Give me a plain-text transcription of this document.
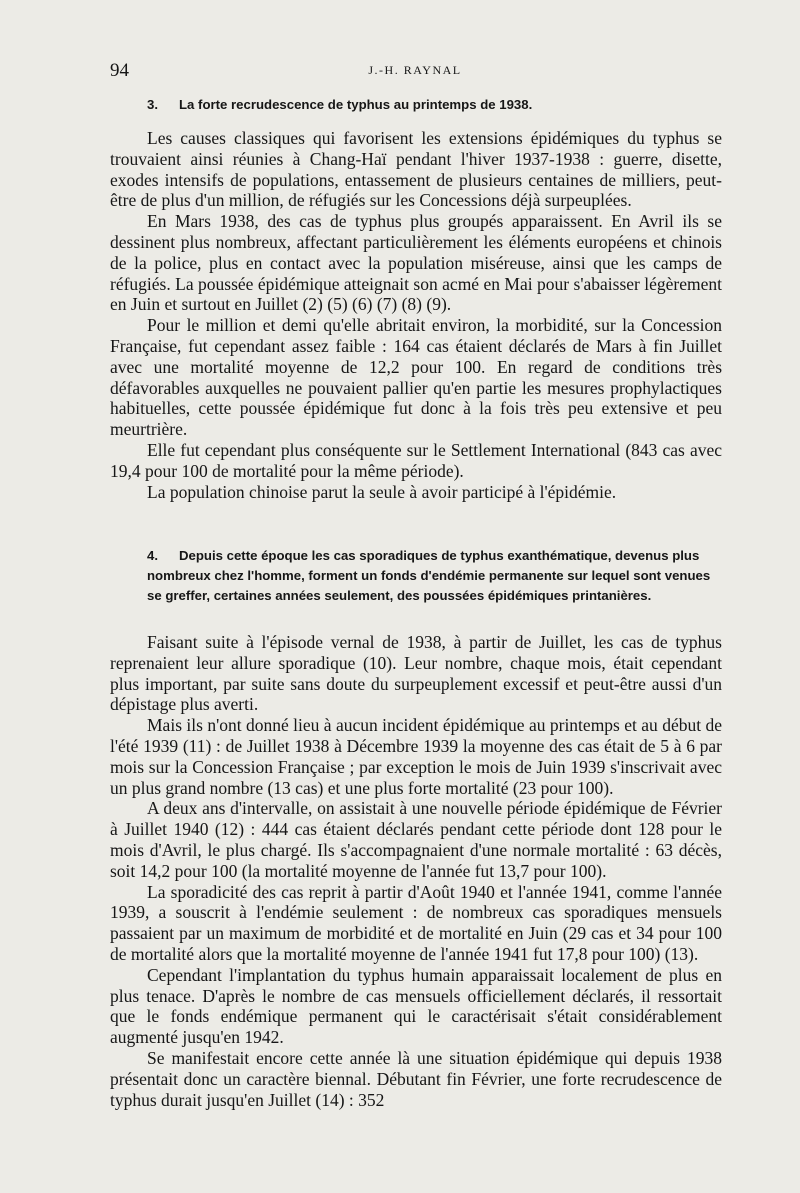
94	J.-H. RAYNAL
3. La forte recrudescence de typhus au printemps de 1938.

Les causes classiques qui favorisent les extensions épidémiques du typhus se trouvaient ainsi réunies à Chang-Haï pendant l'hiver 1937-1938 : guerre, disette, exodes intensifs de populations, entassement de plusieurs centaines de milliers, peut-être de plus d'un million, de réfugiés sur les Concessions déjà surpeuplées.

En Mars 1938, des cas de typhus plus groupés apparaissent. En Avril ils se dessinent plus nombreux, affectant particulièrement les éléments européens et chinois de la police, plus en contact avec la population miséreuse, ainsi que les camps de réfugiés. La poussée épidémique atteignait son acmé en Mai pour s'abaisser légèrement en Juin et surtout en Juillet (2) (5) (6) (7) (8) (9).

Pour le million et demi qu'elle abritait environ, la morbidité, sur la Concession Française, fut cependant assez faible : 164 cas étaient déclarés de Mars à fin Juillet avec une mortalité moyenne de 12,2 pour 100. En regard de conditions très défavorables auxquelles ne pouvaient pallier qu'en partie les mesures prophylactiques habituelles, cette poussée épidémique fut donc à la fois très peu extensive et peu meurtrière.

Elle fut cependant plus conséquente sur le Settlement International (843 cas avec 19,4 pour 100 de mortalité pour la même période).

La population chinoise parut la seule à avoir participé à l'épidémie.

4. Depuis cette époque les cas sporadiques de typhus exanthématique, devenus plus nombreux chez l'homme, forment un fonds d'endémie permanente sur lequel sont venues se greffer, certaines années seulement, des poussées épidémiques printanières.

Faisant suite à l'épisode vernal de 1938, à partir de Juillet, les cas de typhus reprenaient leur allure sporadique (10). Leur nombre, chaque mois, était cependant plus important, par suite sans doute du surpeuplement excessif et peut-être aussi d'un dépistage plus averti.

Mais ils n'ont donné lieu à aucun incident épidémique au printemps et au début de l'été 1939 (11) : de Juillet 1938 à Décembre 1939 la moyenne des cas était de 5 à 6 par mois sur la Concession Française ; par exception le mois de Juin 1939 s'inscrivait avec un plus grand nombre (13 cas) et une plus forte mortalité (23 pour 100).

A deux ans d'intervalle, on assistait à une nouvelle période épidémique de Février à Juillet 1940 (12) : 444 cas étaient déclarés pendant cette période dont 128 pour le mois d'Avril, le plus chargé. Ils s'accompagnaient d'une normale mortalité : 63 décès, soit 14,2 pour 100 (la mortalité moyenne de l'année fut 13,7 pour 100).

La sporadicité des cas reprit à partir d'Août 1940 et l'année 1941, comme l'année 1939, a souscrit à l'endémie seulement : de nombreux cas sporadiques mensuels passaient par un maximum de morbidité et de mortalité en Juin (29 cas et 34 pour 100 de mortalité alors que la mortalité moyenne de l'année 1941 fut 17,8 pour 100) (13).

Cependant l'implantation du typhus humain apparaissait localement de plus en plus tenace. D'après le nombre de cas mensuels officiellement déclarés, il ressortait que le fonds endémique permanent qui le caractérisait s'était considérablement augmenté jusqu'en 1942.

Se manifestait encore cette année là une situation épidémique qui depuis 1938 présentait donc un caractère biennal. Débutant fin Février, une forte recrudescence de typhus durait jusqu'en Juillet (14) : 352
